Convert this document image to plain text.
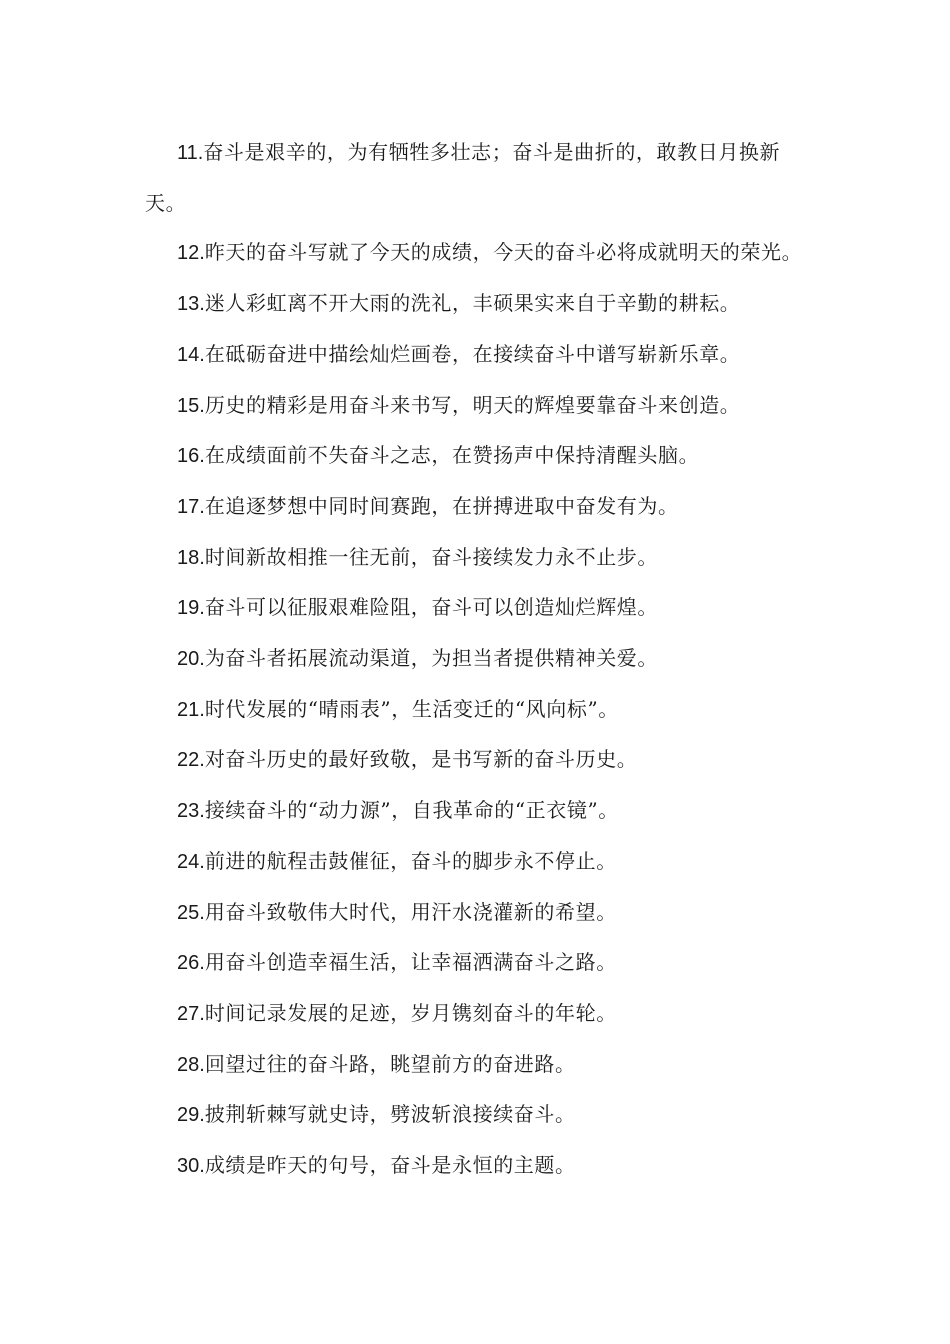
11.奋斗是艰辛的，为有牺牲多壮志；奋斗是曲折的，敢教日月换新天。

12.昨天的奋斗写就了今天的成绩，今天的奋斗必将成就明天的荣光。

13.迷人彩虹离不开大雨的洗礼，丰硕果实来自于辛勤的耕耘。

14.在砥砺奋进中描绘灿烂画卷，在接续奋斗中谱写崭新乐章。

15.历史的精彩是用奋斗来书写，明天的辉煌要靠奋斗来创造。

16.在成绩面前不失奋斗之志，在赞扬声中保持清醒头脑。

17.在追逐梦想中同时间赛跑，在拼搏进取中奋发有为。

18.时间新故相推一往无前，奋斗接续发力永不止步。

19.奋斗可以征服艰难险阻，奋斗可以创造灿烂辉煌。

20.为奋斗者拓展流动渠道，为担当者提供精神关爱。

21.时代发展的“晴雨表”，生活变迁的“风向标”。

22.对奋斗历史的最好致敬，是书写新的奋斗历史。

23.接续奋斗的“动力源”，自我革命的“正衣镜”。

24.前进的航程击鼓催征，奋斗的脚步永不停止。

25.用奋斗致敬伟大时代，用汗水浇灌新的希望。

26.用奋斗创造幸福生活，让幸福洒满奋斗之路。

27.时间记录发展的足迹，岁月镌刻奋斗的年轮。

28.回望过往的奋斗路，眺望前方的奋进路。

29.披荆斩棘写就史诗，劈波斩浪接续奋斗。

30.成绩是昨天的句号，奋斗是永恒的主题。
